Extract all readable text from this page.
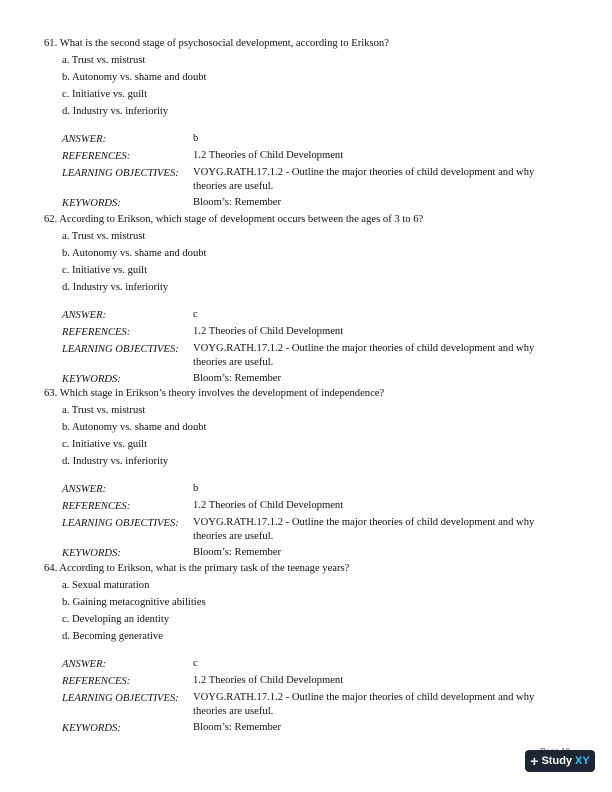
61. What is the second stage of psychosocial development, according to Erikson?
a. Trust vs. mistrust
b. Autonomy vs. shame and doubt
c. Initiative vs. guilt
d. Industry vs. inferiority
ANSWER:	b
REFERENCES:	1.2 Theories of Child Development
LEARNING OBJECTIVES:	VOYG.RATH.17.1.2 - Outline the major theories of child development and why theories are useful.
KEYWORDS:	Bloom’s: Remember
62. According to Erikson, which stage of development occurs between the ages of 3 to 6?
a. Trust vs. mistrust
b. Autonomy vs. shame and doubt
c. Initiative vs. guilt
d. Industry vs. inferiority
ANSWER:	c
REFERENCES:	1.2 Theories of Child Development
LEARNING OBJECTIVES:	VOYG.RATH.17.1.2 - Outline the major theories of child development and why theories are useful.
KEYWORDS:	Bloom’s: Remember
63. Which stage in Erikson’s theory involves the development of independence?
a. Trust vs. mistrust
b. Autonomy vs. shame and doubt
c. Initiative vs. guilt
d. Industry vs. inferiority
ANSWER:	b
REFERENCES:	1.2 Theories of Child Development
LEARNING OBJECTIVES:	VOYG.RATH.17.1.2 - Outline the major theories of child development and why theories are useful.
KEYWORDS:	Bloom’s: Remember
64. According to Erikson, what is the primary task of the teenage years?
a. Sexual maturation
b. Gaining metacognitive abilities
c. Developing an identity
d. Becoming generative
ANSWER:	c
REFERENCES:	1.2 Theories of Child Development
LEARNING OBJECTIVES:	VOYG.RATH.17.1.2 - Outline the major theories of child development and why theories are useful.
KEYWORDS:	Bloom’s: Remember
+ Study XY
